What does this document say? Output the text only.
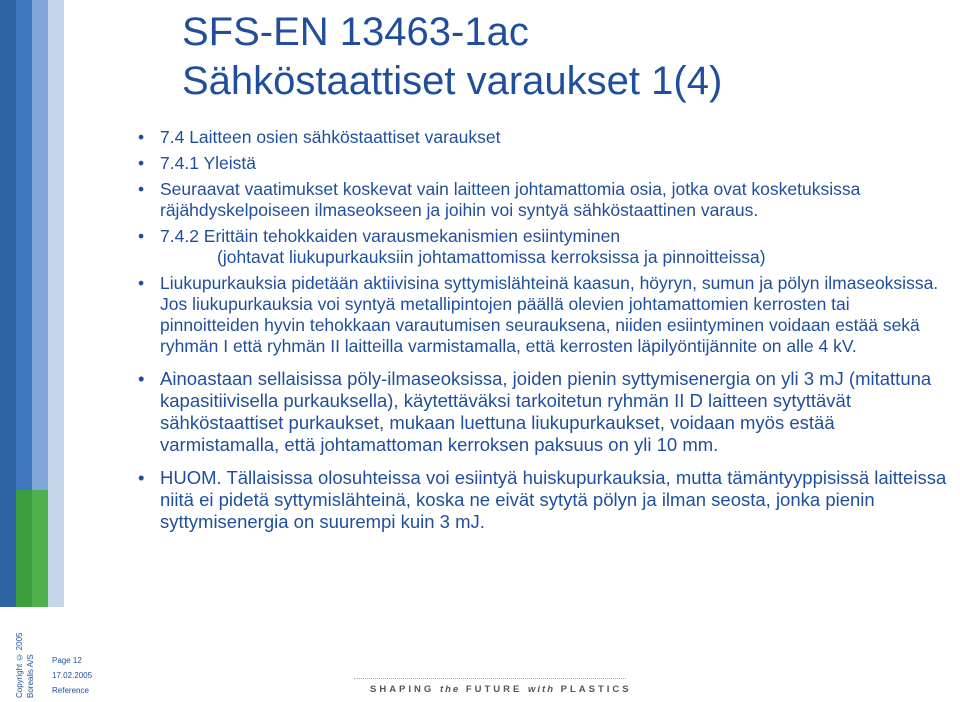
SFS-EN 13463-1ac
Sähköstaattiset varaukset 1(4)
• 7.4 Laitteen osien sähköstaattiset varaukset
• 7.4.1 Yleistä
• Seuraavat vaatimukset koskevat vain laitteen johtamattomia osia, jotka ovat kosketuksissa räjähdyskelpoiseen ilmaseokseen ja joihin voi syntyä sähköstaattinen varaus.
• 7.4.2 Erittäin tehokkaiden varausmekanismien esiintyminen
(johtavat liukupurkauksiin johtamattomissa kerroksissa ja pinnoitteissa)
• Liukupurkauksia pidetään aktiivisina syttymislähteinä kaasun, höyryn, sumun ja pölyn ilmaseoksissa. Jos liukupurkauksia voi syntyä metallipintojen päällä olevien johtamattomien kerrosten tai pinnoitteiden hyvin tehokkaan varautumisen seurauksena, niiden esiintyminen voidaan estää sekä ryhmän I että ryhmän II laitteilla varmistamalla, että kerrosten läpilyöntijännite on alle 4 kV.
• Ainoastaan sellaisissa pöly-ilmaseoksissa, joiden pienin syttymisenergia on yli 3 mJ (mitattuna kapasitiivisella purkauksella), käytettäväksi tarkoitetun ryhmän II D laitteen sytyttävät sähköstaattiset purkaukset, mukaan luettuna liukupurkaukset, voidaan myös estää varmistamalla, että johtamattoman kerroksen paksuus on yli 10 mm.
• HUOM. Tällaisissa olosuhteissa voi esiintyä huiskupurkauksia, mutta tämäntyyppisissä laitteissa niitä ei pidetä syttymislähteinä, koska ne eivät sytytä pölyn ja ilman seosta, jonka pienin syttymisenergia on suurempi kuin 3 mJ.
Copyright © 2005 Borealis A/S Page 12
17.02.2005
Reference	SHAPING the FUTURE with PLASTICS
